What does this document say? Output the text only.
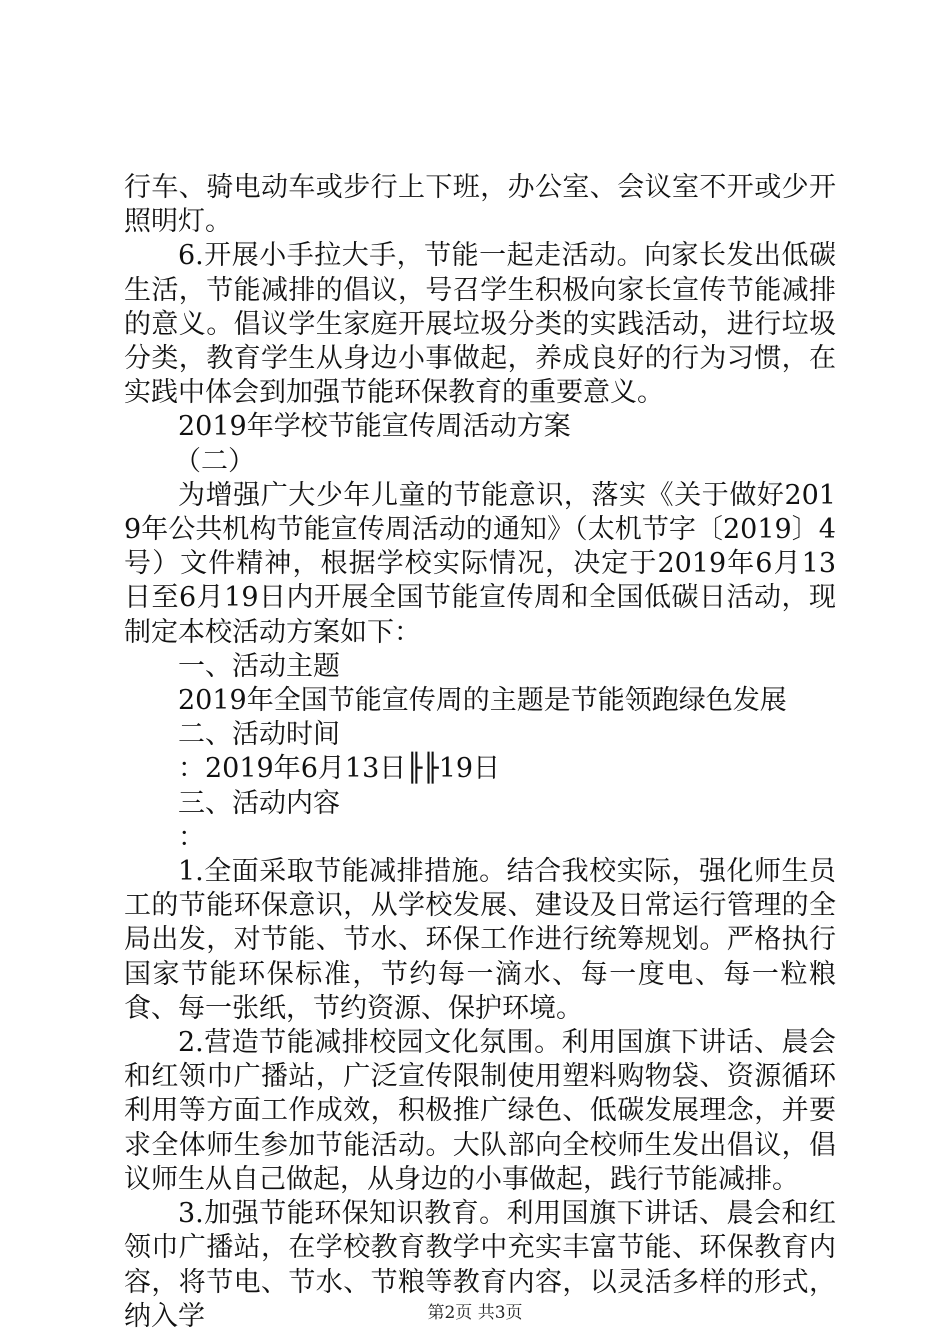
行车、骑电动车或步行上下班，办公室、会议室不开或少开照明灯。

6.开展小手拉大手，节能一起走活动。向家长发出低碳生活，节能减排的倡议，号召学生积极向家长宣传节能减排的意义。倡议学生家庭开展垃圾分类的实践活动，进行垃圾分类，教育学生从身边小事做起，养成良好的行为习惯，在实践中体会到加强节能环保教育的重要意义。

2019年学校节能宣传周活动方案

（二）

为增强广大少年儿童的节能意识，落实《关于做好2019年公共机构节能宣传周活动的通知》（太机节字〔2019〕4号）文件精神，根据学校实际情况，决定于2019年6月13日至6月19日内开展全国节能宣传周和全国低碳日活动，现制定本校活动方案如下：

一、活动主题

2019年全国节能宣传周的主题是节能领跑绿色发展

二、活动时间

：2019年6月13日╟╟19日

三、活动内容

：

1.全面采取节能减排措施。结合我校实际，强化师生员工的节能环保意识，从学校发展、建设及日常运行管理的全局出发，对节能、节水、环保工作进行统筹规划。严格执行国家节能环保标准，节约每一滴水、每一度电、每一粒粮食、每一张纸，节约资源、保护环境。

2.营造节能减排校园文化氛围。利用国旗下讲话、晨会和红领巾广播站，广泛宣传限制使用塑料购物袋、资源循环利用等方面工作成效，积极推广绿色、低碳发展理念，并要求全体师生参加节能活动。大队部向全校师生发出倡议，倡议师生从自己做起，从身边的小事做起，践行节能减排。

3.加强节能环保知识教育。利用国旗下讲话、晨会和红领巾广播站，在学校教育教学中充实丰富节能、环保教育内容，将节电、节水、节粮等教育内容，以灵活多样的形式，纳入学	第2页 共3页
